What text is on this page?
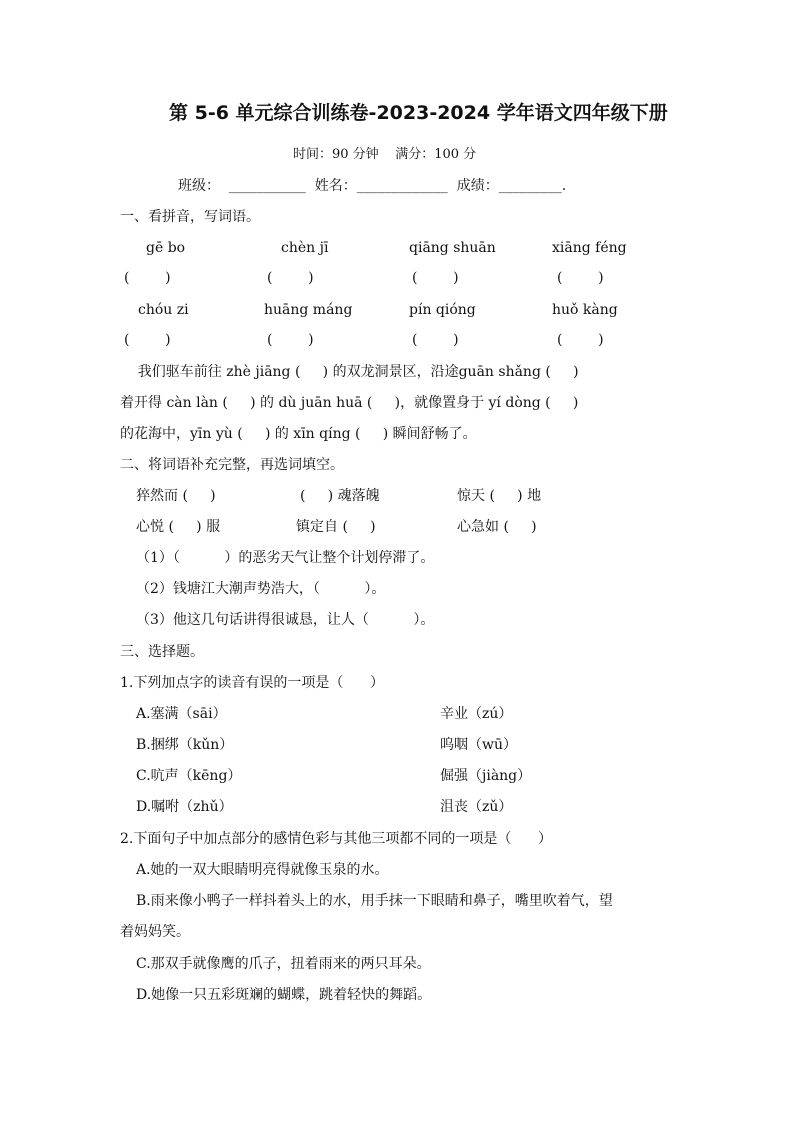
第 5-6 单元综合训练卷-2023-2024 学年语文四年级下册
时间：90 分钟    满分：100 分
班级：  ___________  姓名：_____________  成绩：_________.
一、看拼音，写词语。
gē bo	chèn jī	qiāng shuān	xiāng féng
(        )	(        )	(        )	(        )
chóu zi	huāng máng	pín qióng	huǒ kàng
(        )	(        )	(        )	(        )
我们驱车前往 zhè jiāng (     ) 的双龙洞景区，沿途guān shǎng (     )
着开得 càn làn (     ) 的 dù juān huā (     )，就像置身于 yí dòng (     )
的花海中，yīn yù (     ) 的 xīn qíng (     ) 瞬间舒畅了。
二、将词语补充完整，再选词填空。
猝然而 (     )	(     ) 魂落魄	惊天 (     ) 地
心悦 (     ) 服	镇定自 (     )	心急如 (     )
（1）（          ）的恶劣天气让整个计划停滞了。
（2）钱塘江大潮声势浩大，（          ）。
（3）他这几句话讲得很诚恳，让人（          ）。
三、选择题。
1.下列加点字的读音有误的一项是（      ）
A.塞满（sāi）	辛业（zú）
B.捆绑（kǔn）	呜咽（wū）
C.吭声（kēng）	倔强（jiàng）
D.嘱咐（zhǔ）	沮丧（zǔ）
2.下面句子中加点部分的感情色彩与其他三项都不同的一项是（      ）
A.她的一双大眼睛明亮得就像玉泉的水。
B.雨来像小鸭子一样抖着头上的水，用手抹一下眼睛和鼻子，嘴里吹着气，望
着妈妈笑。
C.那双手就像鹰的爪子，扭着雨来的两只耳朵。
D.她像一只五彩斑斓的蝴蝶，跳着轻快的舞蹈。
